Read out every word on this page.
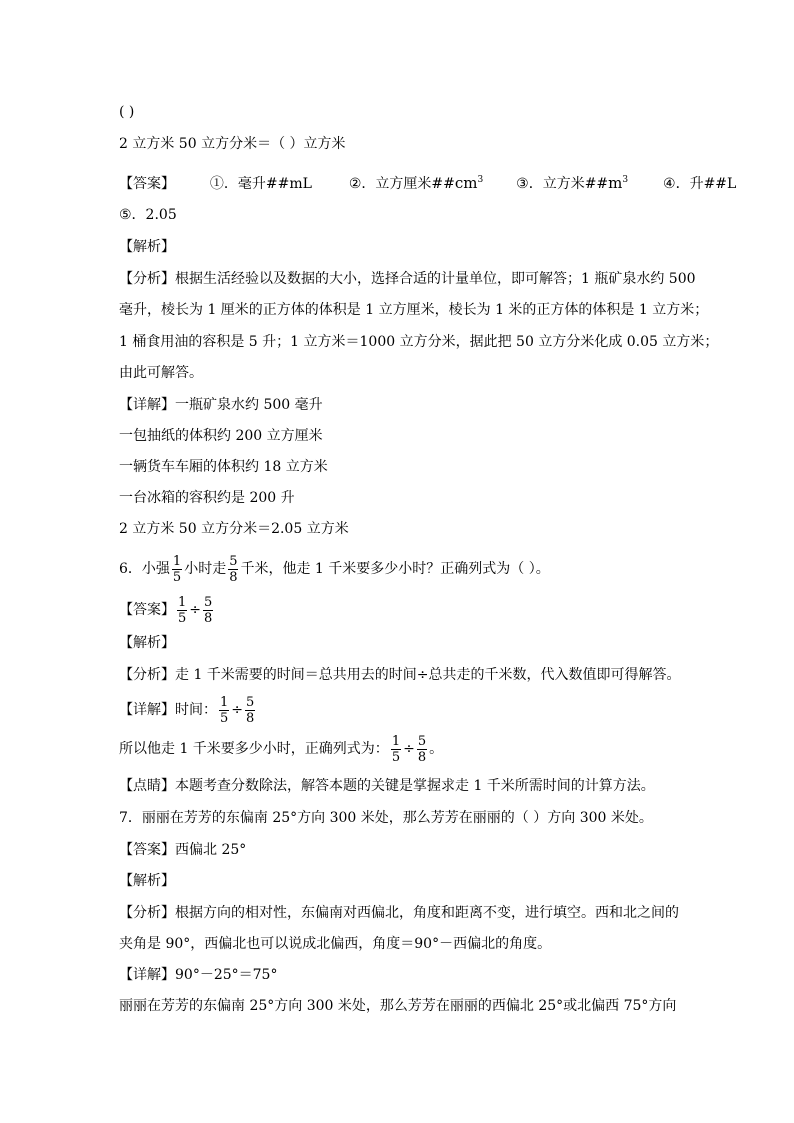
( )
2 立方米 50 立方分米＝（ ）立方米
【答案】 ①．毫升##mL	②．立方厘米$\#\#cm^3$ ③．立方米$\#\#m^3$ ④．升##L
⑤．2.05
【解析】
【分析】根据生活经验以及数据的大小，选择合适的计量单位，即可解答；1 瓶矿泉水约 500
毫升，棱长为 1 厘米的正方体的体积是 1 立方厘米，棱长为 1 米的正方体的体积是 1 立方米；
1 桶食用油的容积是 5 升；1 立方米＝1000 立方分米，据此把 50 立方分米化成 0.05 立方米；
由此可解答。
【详解】一瓶矿泉水约 500 毫升
一包抽纸的体积约 200 立方厘米
一辆货车车厢的体积约 18 立方米
一台冰箱的容积约是 200 升
2 立方米 50 立方分米＝2.05 立方米
6．小强 $\frac{1}{5}$ 小时走 $\frac{5}{8}$ 千米，他走 1 千米要多少小时？正确列式为（ ）。
【答案】 $\frac{1}{5} \div \frac{5}{8}$
【解析】
【分析】走 1 千米需要的时间＝总共用去的时间÷总共走的千米数，代入数值即可得解答。
【详解】时间： $\frac{1}{5} \div \frac{5}{8}$
所以他走 1 千米要多少小时，正确列式为： $\frac{1}{5} \div \frac{5}{8}$ 。
【点睛】本题考查分数除法，解答本题的关键是掌握求走 1 千米所需时间的计算方法。
7．丽丽在芳芳的东偏南 25°方向 300 米处，那么芳芳在丽丽的（ ）方向 300 米处。
【答案】西偏北 25°
【解析】
【分析】根据方向的相对性，东偏南对西偏北，角度和距离不变，进行填空。西和北之间的
夹角是 90°，西偏北也可以说成北偏西，角度＝90°－西偏北的角度。
【详解】90°－25°＝75°
丽丽在芳芳的东偏南 25°方向 300 米处，那么芳芳在丽丽的西偏北 25°或北偏西 75°方向
